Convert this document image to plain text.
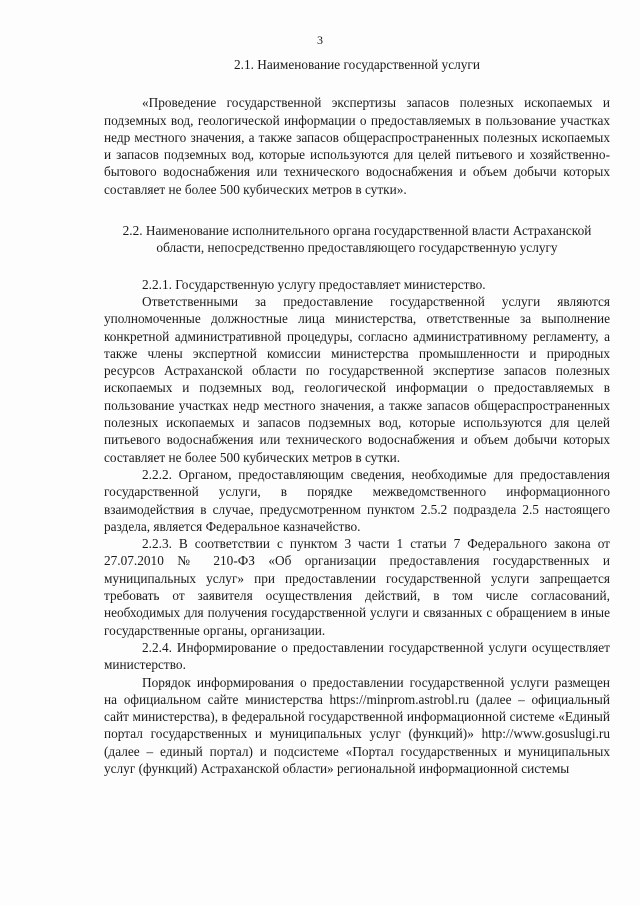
3

2.1. Наименование государственной услуги

«Проведение государственной экспертизы запасов полезных ископаемых и подземных вод, геологической информации о предоставляемых в пользование участках недр местного значения, а также запасов общераспространенных полезных ископаемых и запасов подземных вод, которые используются для целей питьевого и хозяйственно-бытового водоснабжения или технического водоснабжения и объем добычи которых составляет не более 500 кубических метров в сутки».

2.2. Наименование исполнительного органа государственной власти Астраханской области, непосредственно предоставляющего государственную услугу

2.2.1. Государственную услугу предоставляет министерство.

Ответственными за предоставление государственной услуги являются уполномоченные должностные лица министерства, ответственные за выполнение конкретной административной процедуры, согласно административному регламенту, а также члены экспертной комиссии министерства промышленности и природных ресурсов Астраханской области по государственной экспертизе запасов полезных ископаемых и подземных вод, геологической информации о предоставляемых в пользование участках недр местного значения, а также запасов общераспространенных полезных ископаемых и запасов подземных вод, которые используются для целей питьевого водоснабжения или технического водоснабжения и объем добычи которых составляет не более 500 кубических метров в сутки.

2.2.2. Органом, предоставляющим сведения, необходимые для предоставления государственной услуги, в порядке межведомственного информационного взаимодействия в случае, предусмотренном пунктом 2.5.2 подраздела 2.5 настоящего раздела, является Федеральное казначейство.

2.2.3. В соответствии с пунктом 3 части 1 статьи 7 Федерального закона от 27.07.2010 № 210-ФЗ «Об организации предоставления государственных и муниципальных услуг» при предоставлении государственной услуги запрещается требовать от заявителя осуществления действий, в том числе согласований, необходимых для получения государственной услуги и связанных с обращением в иные государственные органы, организации.

2.2.4. Информирование о предоставлении государственной услуги осуществляет министерство.

Порядок информирования о предоставлении государственной услуги размещен на официальном сайте министерства https://minprom.astrobl.ru (далее – официальный сайт министерства), в федеральной государственной информационной системе «Единый портал государственных и муниципальных услуг (функций)» http://www.gosuslugi.ru (далее – единый портал) и подсистеме «Портал государственных и муниципальных услуг (функций) Астраханской области» региональной информационной системы
